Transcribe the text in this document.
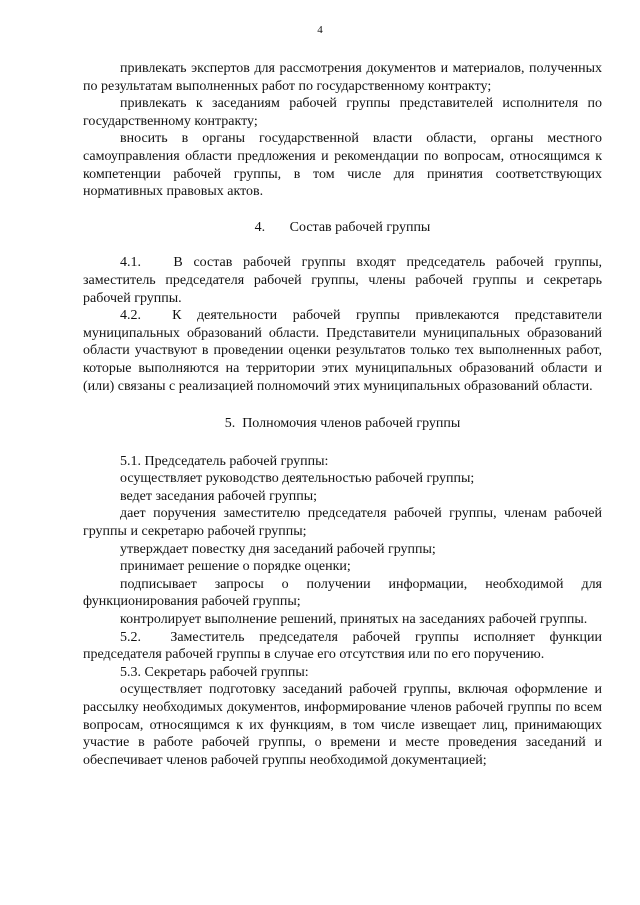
4

привлекать экспертов для рассмотрения документов и материалов, полученных по результатам выполненных работ по государственному контракту;

привлекать к заседаниям рабочей группы представителей исполнителя по государственному контракту;

вносить в органы государственной власти области, органы местного самоуправления области предложения и рекомендации по вопросам, относящимся к компетенции рабочей группы, в том числе для принятия соответствующих нормативных правовых актов.

4.       Состав рабочей группы

4.1.   В состав рабочей группы входят председатель рабочей группы, заместитель председателя рабочей группы, члены рабочей группы и секретарь рабочей группы.

4.2.  К деятельности рабочей группы привлекаются представители муниципальных образований области. Представители муниципальных образований области участвуют в проведении оценки результатов только тех выполненных работ, которые выполняются на территории этих муниципальных образований области и (или) связаны с реализацией полномочий этих муниципальных образований области.

5.  Полномочия членов рабочей группы

5.1. Председатель рабочей группы:

осуществляет руководство деятельностью рабочей группы;

ведет заседания рабочей группы;

дает поручения заместителю председателя рабочей группы, членам рабочей группы и секретарю рабочей группы;

утверждает повестку дня заседаний рабочей группы;

принимает решение о порядке оценки;

подписывает запросы о получении информации, необходимой для функционирования рабочей группы;

контролирует выполнение решений, принятых на заседаниях рабочей группы.

5.2.  Заместитель председателя рабочей группы исполняет функции председателя рабочей группы в случае его отсутствия или по его поручению.

5.3. Секретарь рабочей группы:

осуществляет подготовку заседаний рабочей группы, включая оформление и рассылку необходимых документов, информирование членов рабочей группы по всем вопросам, относящимся к их функциям, в том числе извещает лиц, принимающих участие в работе рабочей группы, о времени и месте проведения заседаний и обеспечивает членов рабочей группы необходимой документацией;
